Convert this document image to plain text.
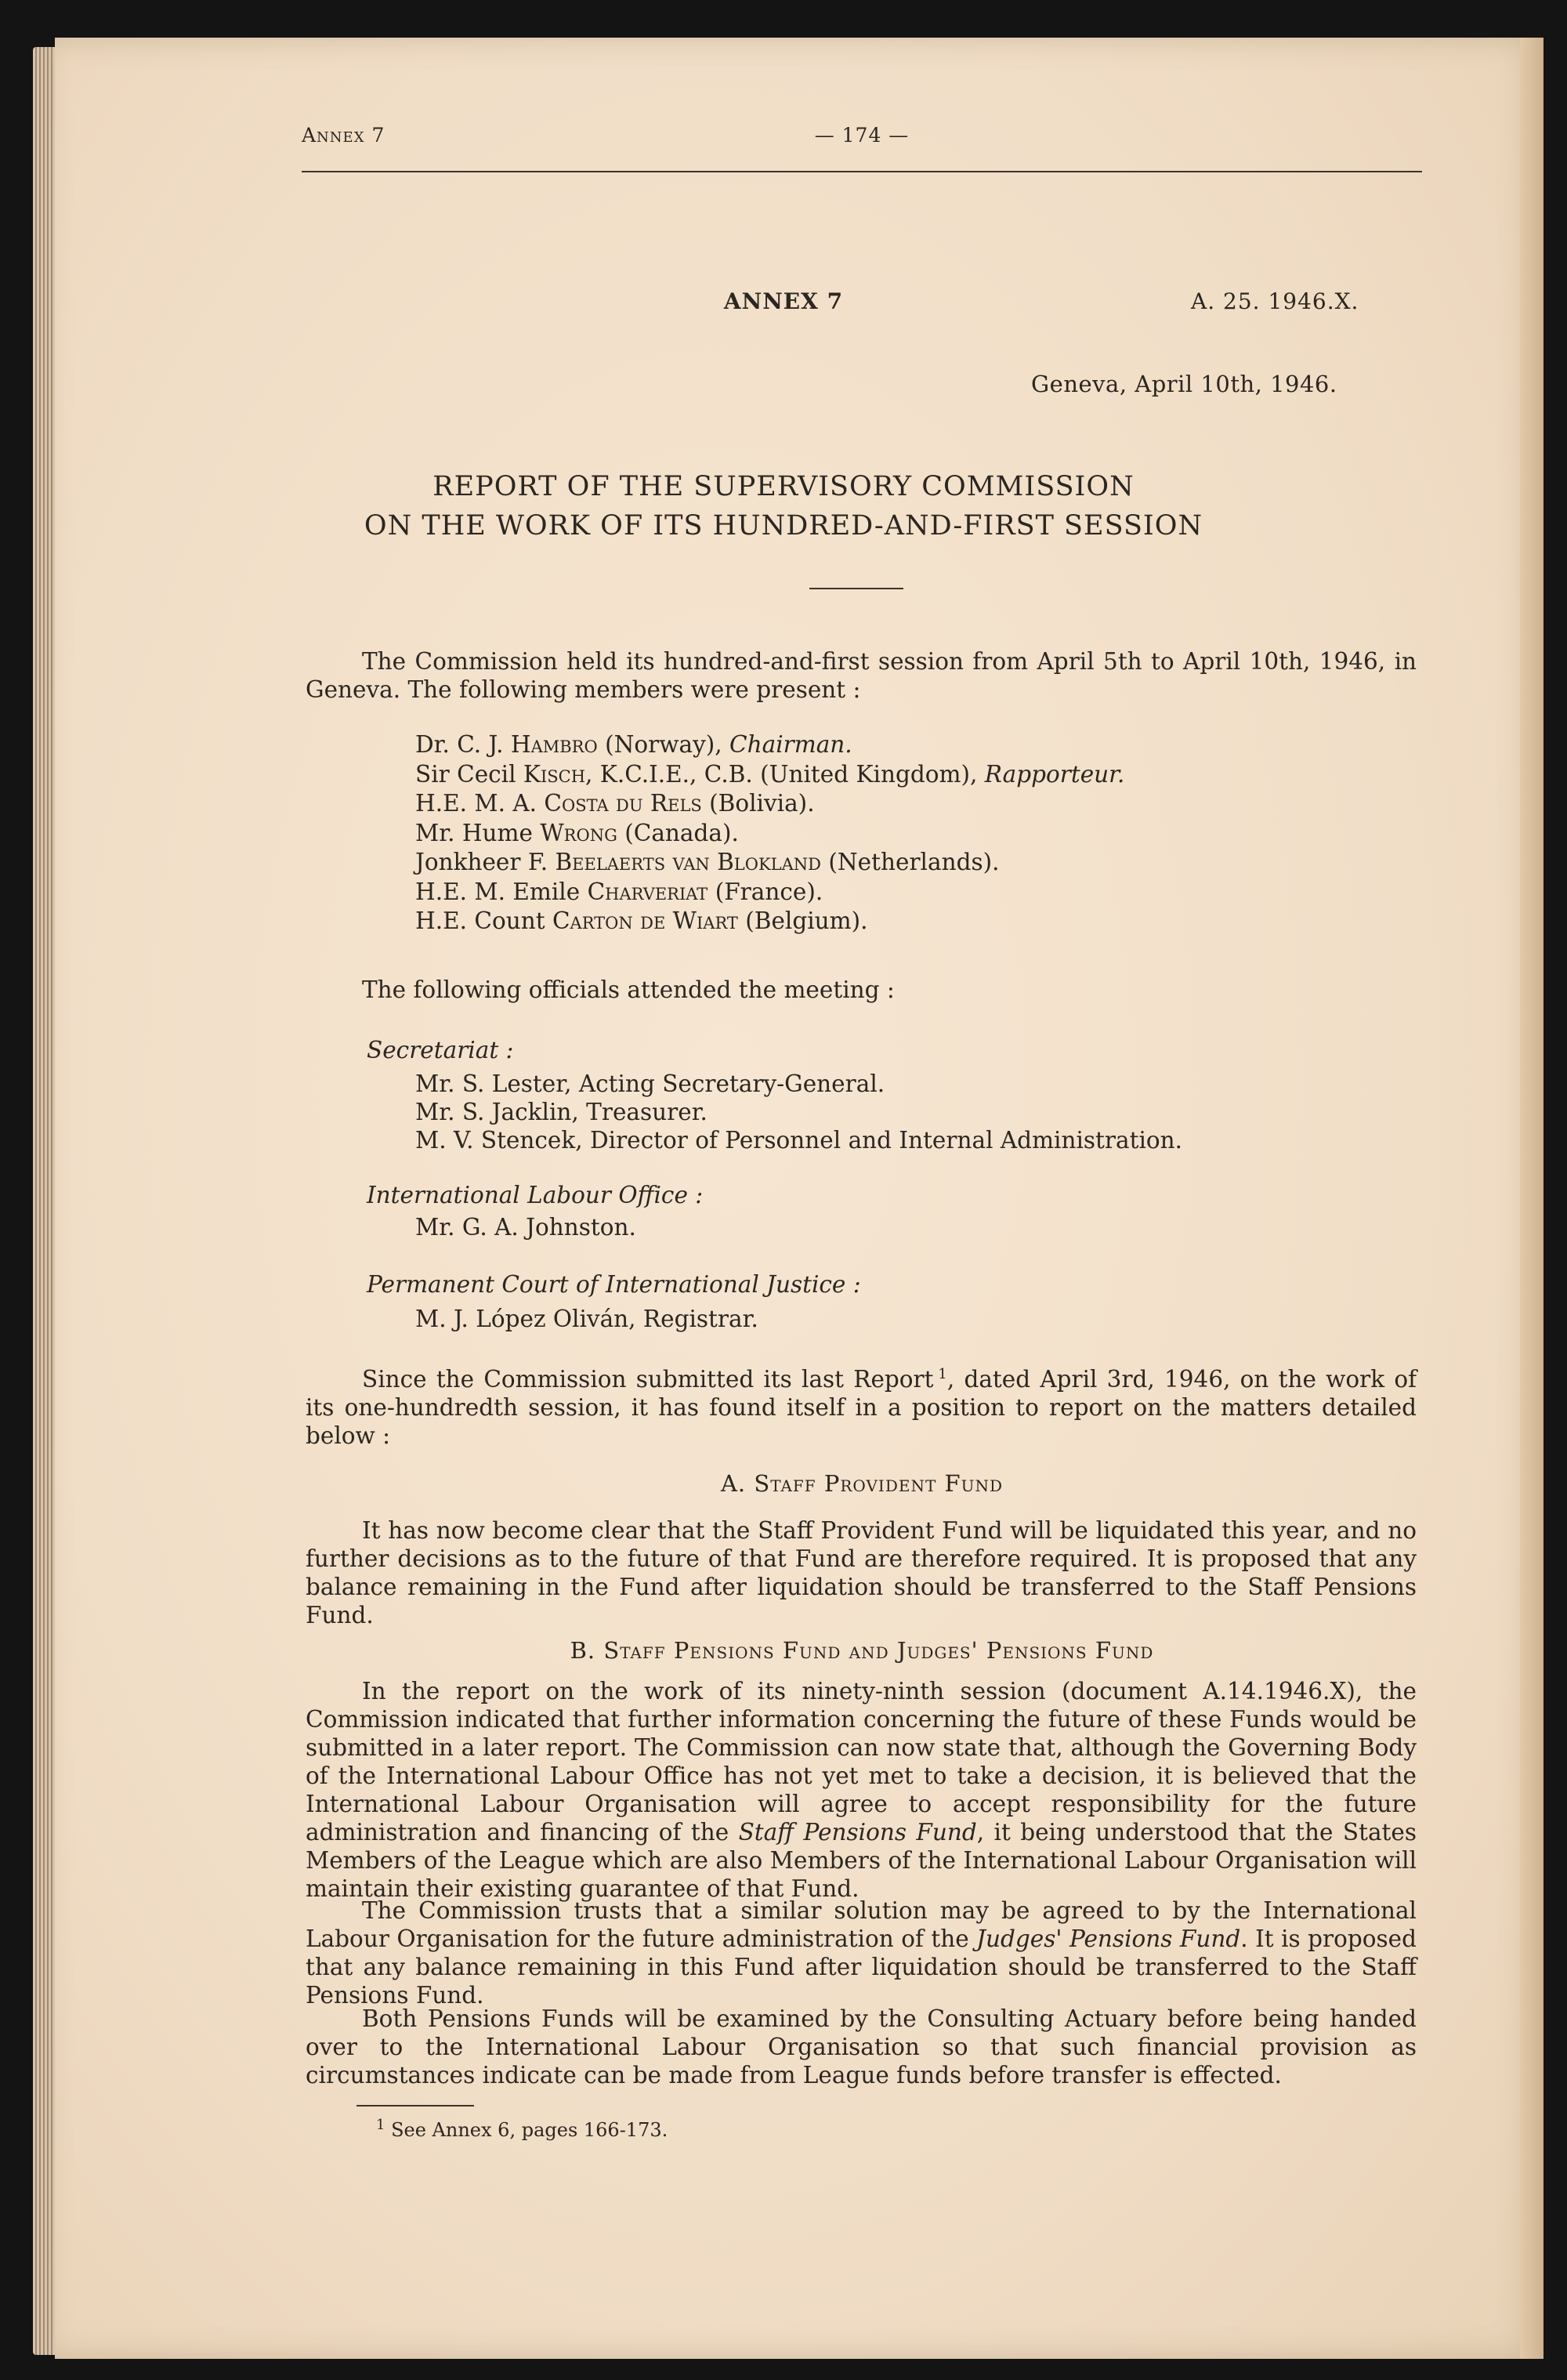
Annex 7	— 174 —
ANNEX 7	A. 25. 1946.X.
Geneva, April 10th, 1946.
REPORT OF THE SUPERVISORY COMMISSION
ON THE WORK OF ITS HUNDRED-AND-FIRST SESSION
The Commission held its hundred-and-first session from April 5th to April 10th, 1946, in Geneva. The following members were present :
Dr. C. J. Hambro (Norway), Chairman.
Sir Cecil Kisch, K.C.I.E., C.B. (United Kingdom), Rapporteur.
H.E. M. A. Costa du Rels (Bolivia).
Mr. Hume Wrong (Canada).
Jonkheer F. Beelaerts van Blokland (Netherlands).
H.E. M. Emile Charveriat (France).
H.E. Count Carton de Wiart (Belgium).
The following officials attended the meeting :
Secretariat :
Mr. S. Lester, Acting Secretary-General.
Mr. S. Jacklin, Treasurer.
M. V. Stencek, Director of Personnel and Internal Administration.
International Labour Office :
Mr. G. A. Johnston.
Permanent Court of International Justice :
M. J. López Oliván, Registrar.
Since the Commission submitted its last Report  $^1$, dated April 3rd, 1946, on the work of its one-hundredth session, it has found itself in a position to report on the matters detailed below :
A. Staff Provident Fund
It has now become clear that the Staff Provident Fund will be liquidated this year, and no further decisions as to the future of that Fund are therefore required. It is proposed that any balance remaining in the Fund after liquidation should be transferred to the Staff Pensions Fund.
B. Staff Pensions Fund and Judges' Pensions Fund
In the report on the work of its ninety-ninth session (document A.14.1946.X), the Commission indicated that further information concerning the future of these Funds would be submitted in a later report. The Commission can now state that, although the Governing Body of the International Labour Office has not yet met to take a decision, it is believed that the International Labour Organisation will agree to accept responsibility for the future administration and financing of the Staff Pensions Fund, it being understood that the States Members of the League which are also Members of the International Labour Organisation will maintain their existing guarantee of that Fund.
The Commission trusts that a similar solution may be agreed to by the International Labour Organisation for the future administration of the Judges' Pensions Fund. It is proposed that any balance remaining in this Fund after liquidation should be transferred to the Staff Pensions Fund.
Both Pensions Funds will be examined by the Consulting Actuary before being handed over to the International Labour Organisation so that such financial provision as circumstances indicate can be made from League funds before transfer is effected.
$^1$ See Annex 6, pages 166-173.
